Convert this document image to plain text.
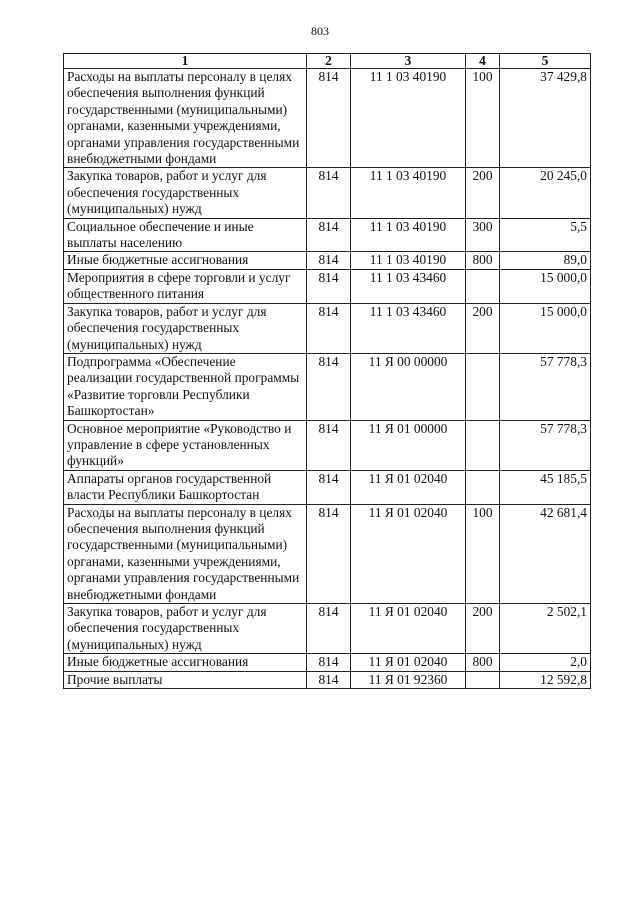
803
1	2	3	4	5
Расходы на выплаты персоналу в целях обеспечения выполнения функций государственными (муниципальными) органами, казенными учреждениями, органами управления государственными внебюджетными фондами	814	11 1 03 40190	100	37 429,8
Закупка товаров, работ и услуг для обеспечения государственных (муниципальных) нужд	814	11 1 03 40190	200	20 245,0
Социальное обеспечение и иные выплаты населению	814	11 1 03 40190	300	5,5
Иные бюджетные ассигнования	814	11 1 03 40190	800	89,0
Мероприятия в сфере торговли и услуг общественного питания	814	11 1 03 43460		15 000,0
Закупка товаров, работ и услуг для обеспечения государственных (муниципальных) нужд	814	11 1 03 43460	200	15 000,0
Подпрограмма «Обеспечение реализации государственной программы «Развитие торговли Республики Башкортостан»	814	11 Я 00 00000		57 778,3
Основное мероприятие «Руководство и управление в сфере установленных функций»	814	11 Я 01 00000		57 778,3
Аппараты органов государственной власти Республики Башкортостан	814	11 Я 01 02040		45 185,5
Расходы на выплаты персоналу в целях обеспечения выполнения функций государственными (муниципальными) органами, казенными учреждениями, органами управления государственными внебюджетными фондами	814	11 Я 01 02040	100	42 681,4
Закупка товаров, работ и услуг для обеспечения государственных (муниципальных) нужд	814	11 Я 01 02040	200	2 502,1
Иные бюджетные ассигнования	814	11 Я 01 02040	800	2,0
Прочие выплаты	814	11 Я 01 92360		12 592,8
